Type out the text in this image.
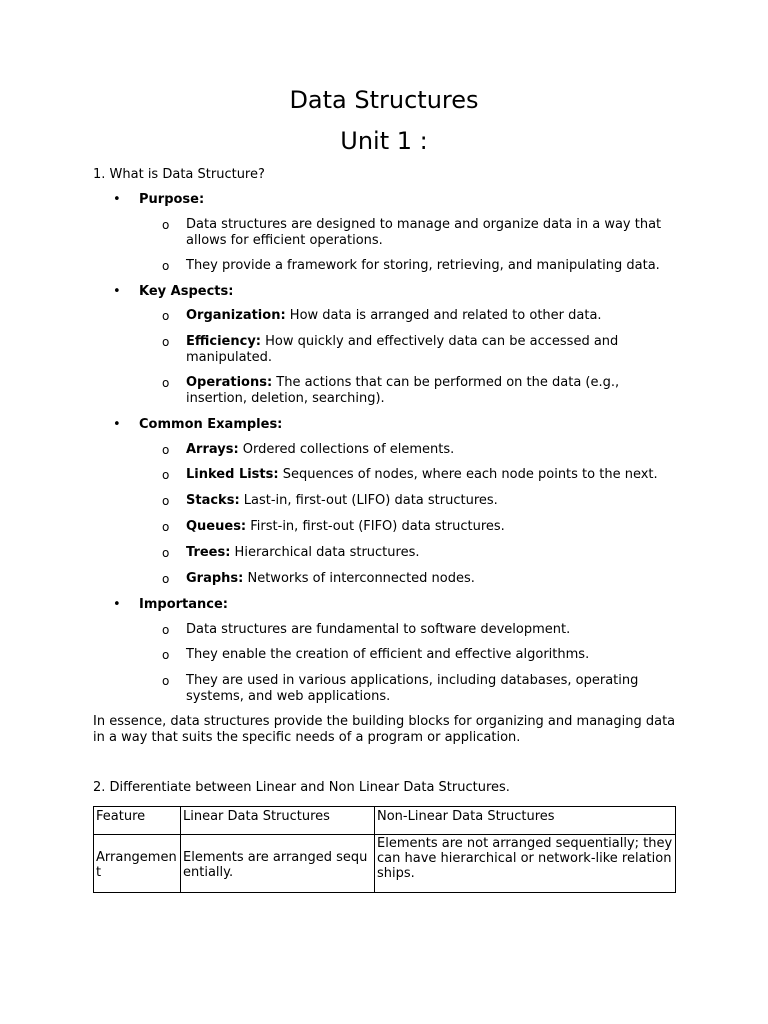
Data Structures
Unit 1 :

1. What is Data Structure?

• Purpose:

o Data structures are designed to manage and organize data in a way that allows for efficient operations.

o They provide a framework for storing, retrieving, and manipulating data.

• Key Aspects:

o Organization: How data is arranged and related to other data.

o Efficiency: How quickly and effectively data can be accessed and manipulated.

o Operations: The actions that can be performed on the data (e.g., insertion, deletion, searching).

• Common Examples:

o Arrays: Ordered collections of elements.

o Linked Lists: Sequences of nodes, where each node points to the next.

o Stacks: Last-in, first-out (LIFO) data structures.

o Queues: First-in, first-out (FIFO) data structures.

o Trees: Hierarchical data structures.

o Graphs: Networks of interconnected nodes.

• Importance:

o Data structures are fundamental to software development.

o They enable the creation of efficient and effective algorithms.

o They are used in various applications, including databases, operating systems, and web applications.

In essence, data structures provide the building blocks for organizing and managing data in a way that suits the specific needs of a program or application.

2. Differentiate between Linear and Non Linear Data Structures.

Feature	Linear Data Structures	Non-Linear Data Structures
Arrangement	Elements are arranged sequentially.	Elements are not arranged sequentially; they can have hierarchical or network-like relationships.
